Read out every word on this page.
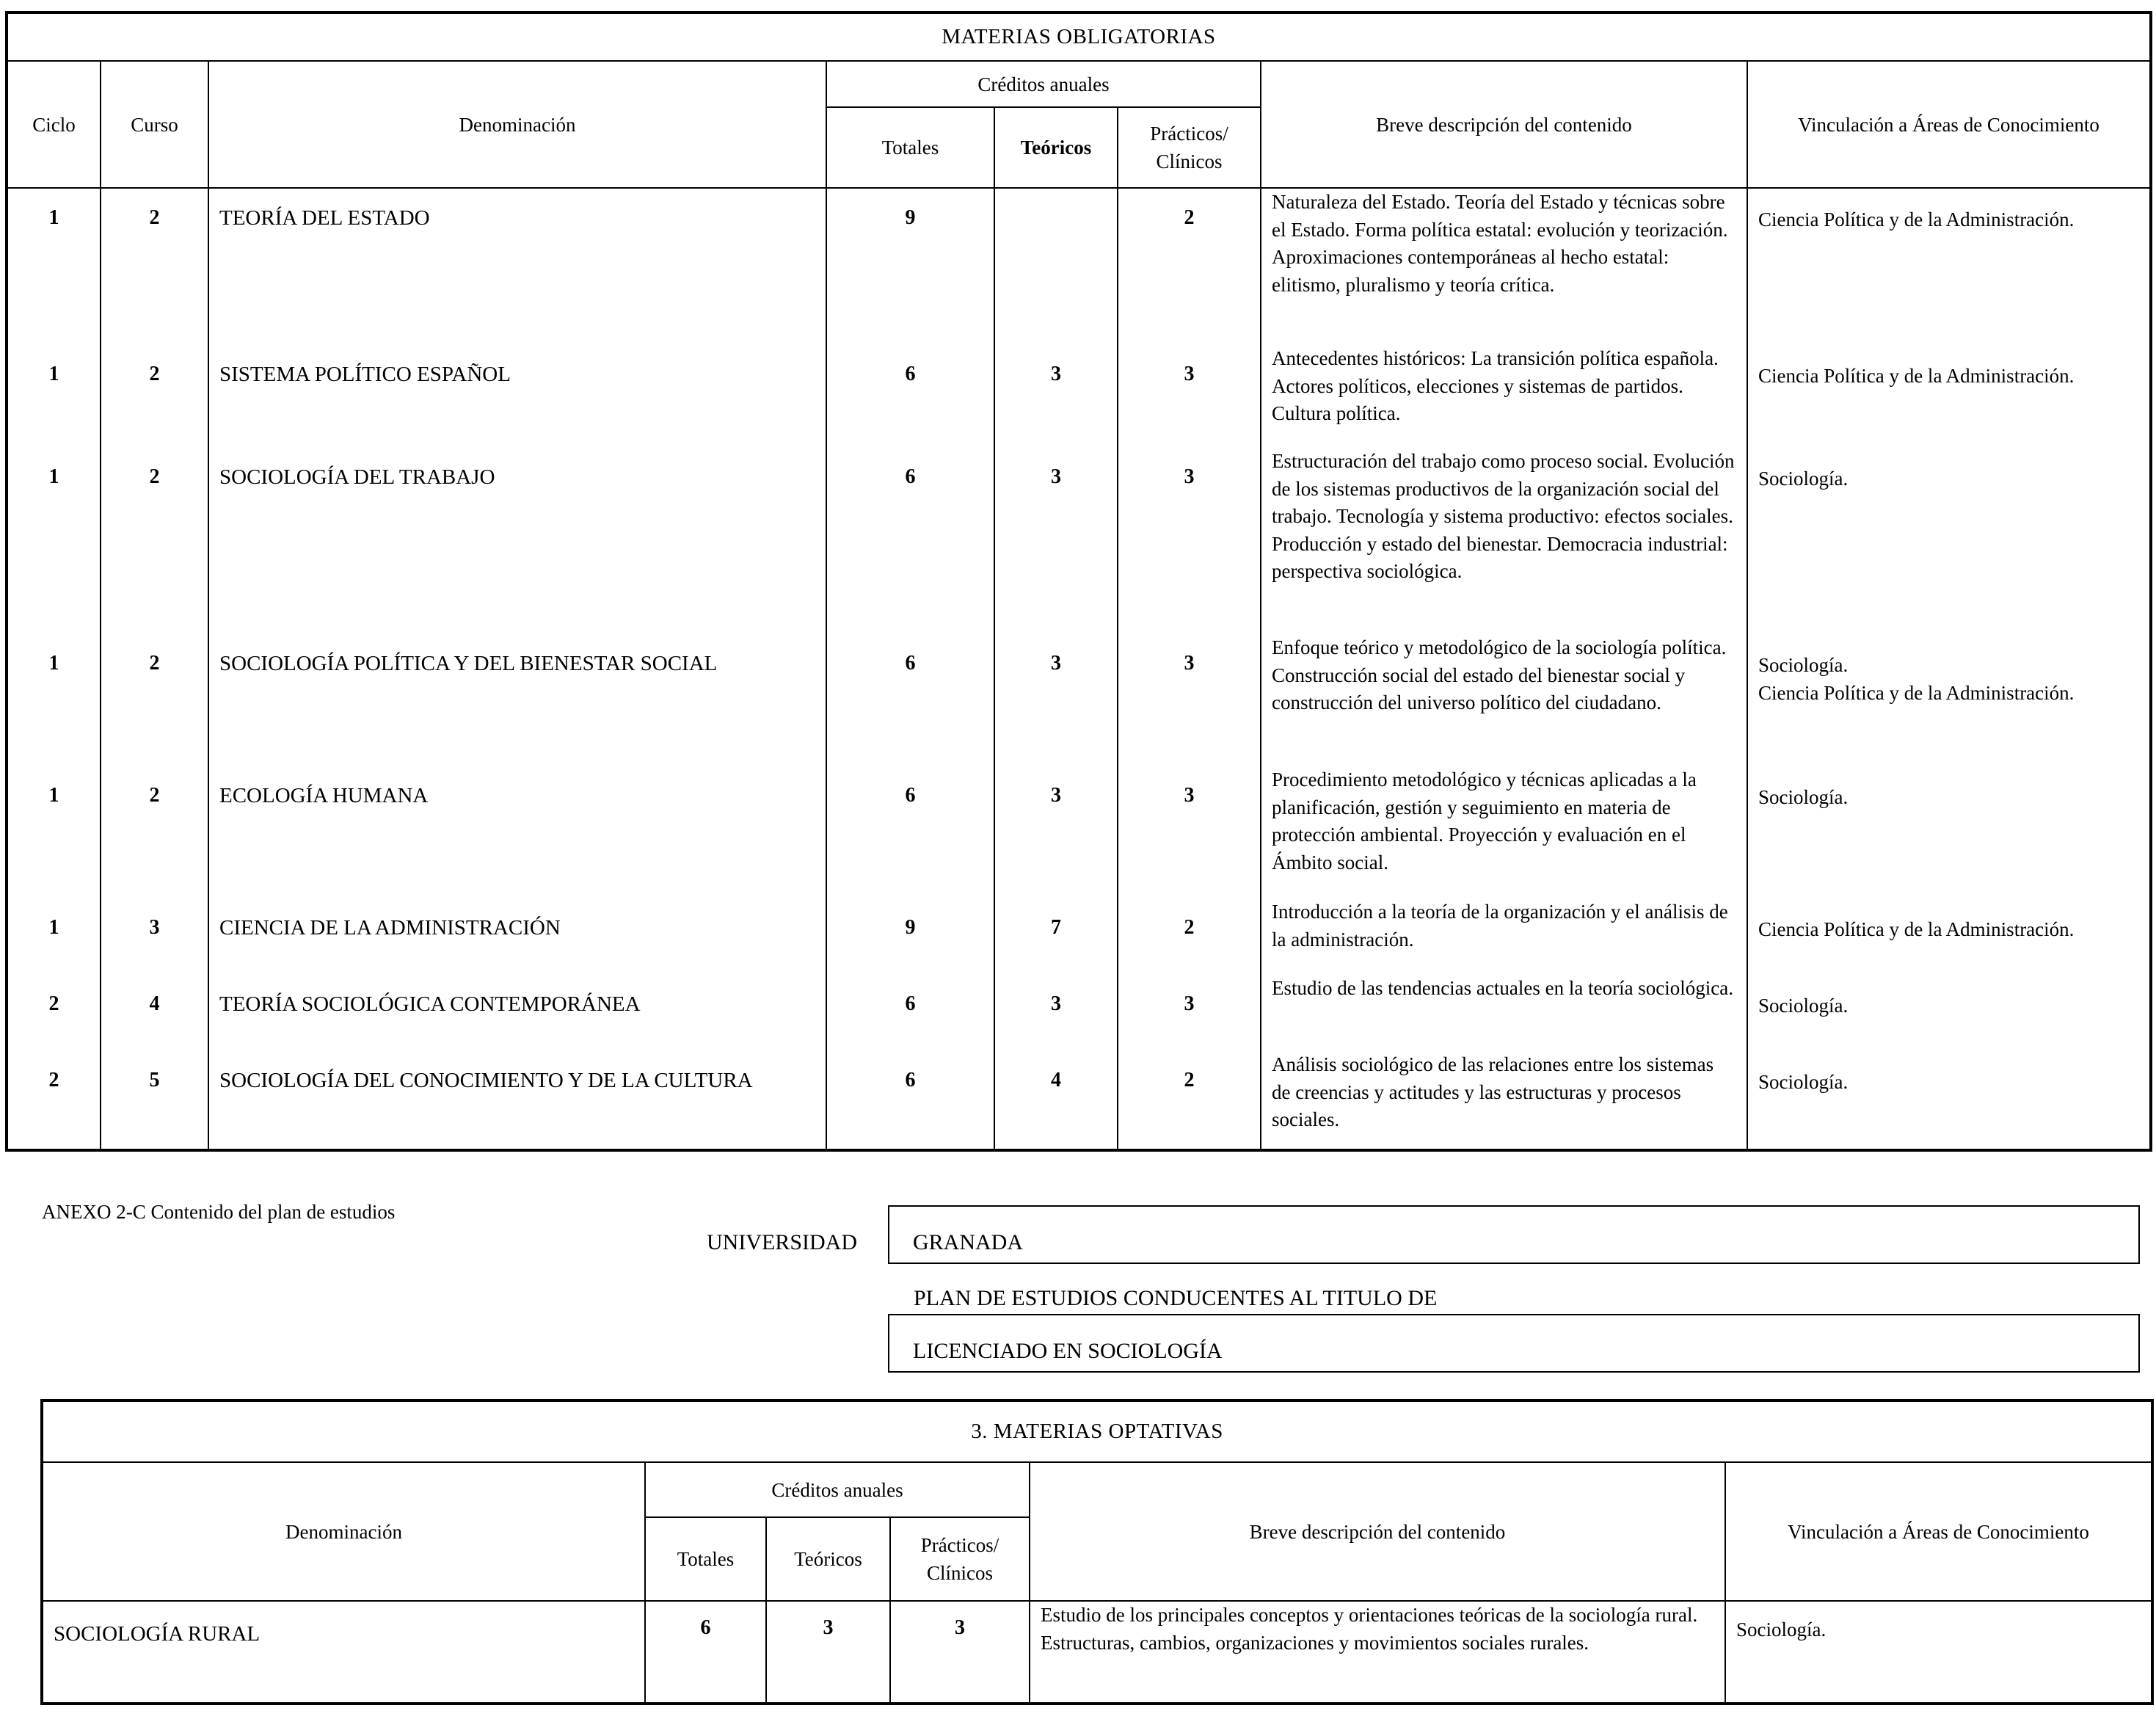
MATERIAS OBLIGATORIAS							
Ciclo	Curso	Denominación	Créditos anuales			Breve descripción del contenido	Vinculación a Áreas de Conocimiento
			Totales	Teóricos	Prácticos/ Clínicos		

1	2	TEORÍA DEL ESTADO	9		2	Naturaleza del Estado. Teoría del Estado y técnicas sobre el Estado. Forma política estatal: evolución y teorización. Aproximaciones contemporáneas al hecho estatal: elitismo, pluralismo y teoría crítica.	Ciencia Política y de la Administración.

1	2	SISTEMA POLÍTICO ESPAÑOL	6	3	3	Antecedentes históricos: La transición política española. Actores políticos, elecciones y sistemas de partidos. Cultura política.	Ciencia Política y de la Administración.

1	2	SOCIOLOGÍA DEL TRABAJO	6	3	3	Estructuración del trabajo como proceso social. Evolución de los sistemas productivos de la organización social del trabajo. Tecnología y sistema productivo: efectos sociales. Producción y estado del bienestar. Democracia industrial: perspectiva sociológica.	Sociología.

1	2	SOCIOLOGÍA POLÍTICA Y DEL BIENESTAR SOCIAL	6	3	3	Enfoque teórico y metodológico de la sociología política. Construcción social del estado del bienestar social y construcción del universo político del ciudadano.	Sociología.
Ciencia Política y de la Administración.

1	2	ECOLOGÍA HUMANA	6	3	3	Procedimiento metodológico y técnicas aplicadas a la planificación, gestión y seguimiento en materia de protección ambiental. Proyección y evaluación en el Ámbito social.	Sociología.

1	3	CIENCIA DE LA ADMINISTRACIÓN	9	7	2	Introducción a la teoría de la organización y el análisis de la administración.	Ciencia Política y de la Administración.

2	4	TEORÍA SOCIOLÓGICA CONTEMPORÁNEA	6	3	3	Estudio de las tendencias actuales en la teoría sociológica.	Sociología.

2	5	SOCIOLOGÍA DEL CONOCIMIENTO Y DE LA CULTURA	6	4	2	Análisis sociológico de las relaciones entre los sistemas de creencias y actitudes y las estructuras y procesos sociales.	Sociología.
ANEXO 2-C Contenido del plan de estudios
UNIVERSIDAD	GRANADA
PLAN DE ESTUDIOS CONDUCENTES AL TITULO DE
LICENCIADO EN SOCIOLOGÍA
3. MATERIAS OPTATIVAS					
Denominación	Créditos anuales			Breve descripción del contenido	Vinculación a Áreas de Conocimiento
	Totales	Teóricos	Prácticos/ Clínicos		

SOCIOLOGÍA RURAL	6	3	3	Estudio de los principales conceptos y orientaciones teóricas de la sociología rural. Estructuras, cambios, organizaciones y movimientos sociales rurales.	Sociología.
